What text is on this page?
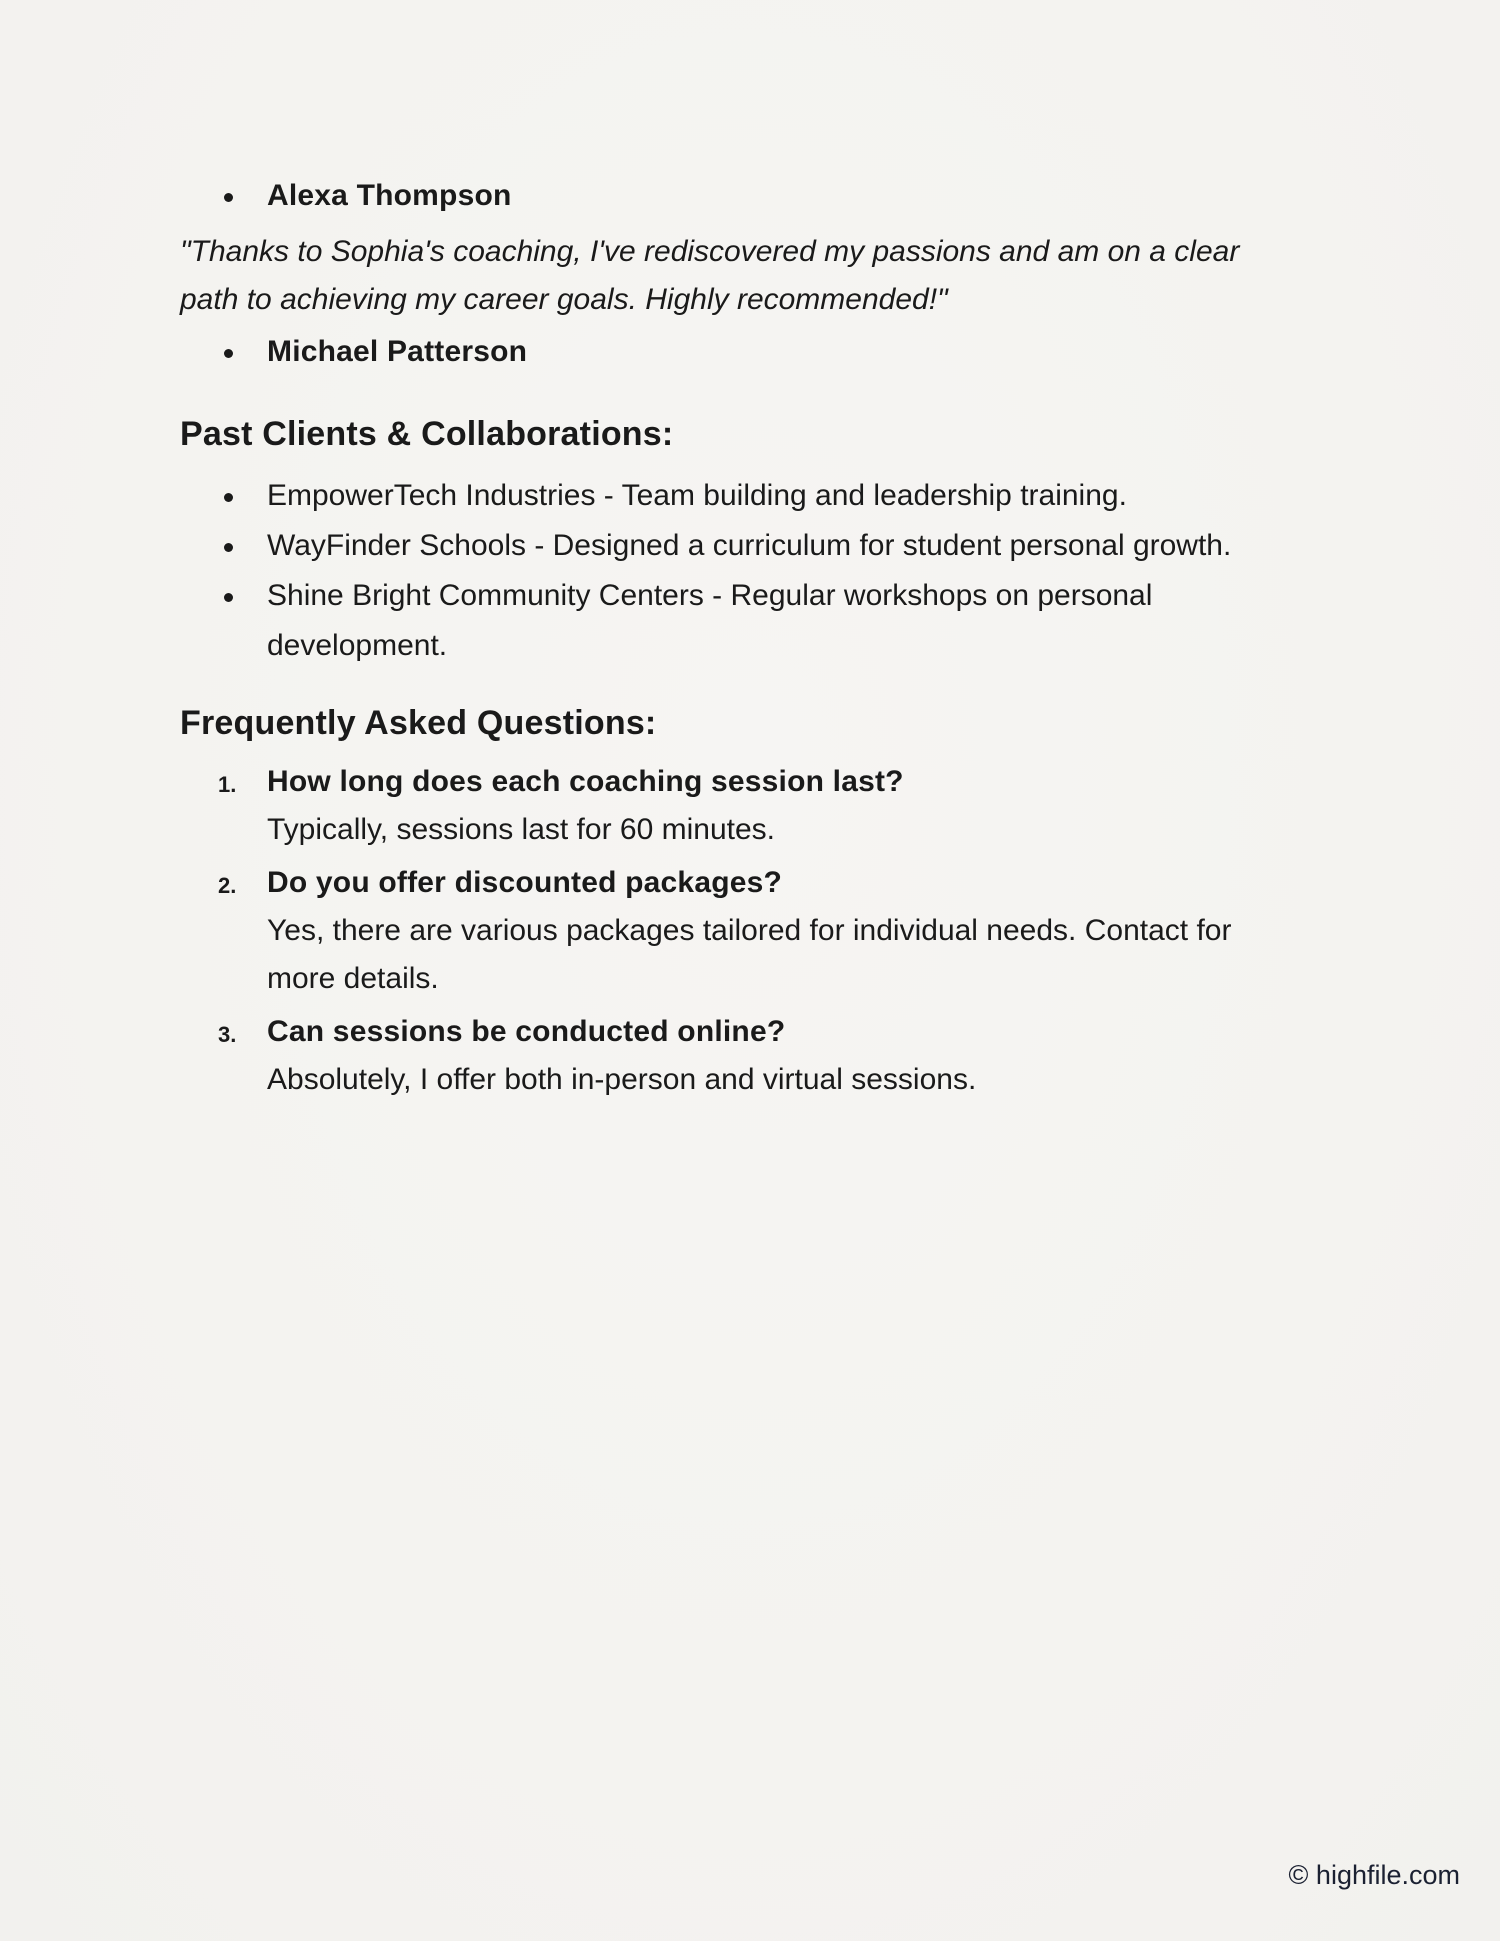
Alexa Thompson

"Thanks to Sophia's coaching, I've rediscovered my passions and am on a clear path to achieving my career goals. Highly recommended!"

Michael Patterson
Past Clients & Collaborations:
EmpowerTech Industries - Team building and leadership training.
WayFinder Schools - Designed a curriculum for student personal growth.
Shine Bright Community Centers - Regular workshops on personal development.
Frequently Asked Questions:
1. How long does each coaching session last?
Typically, sessions last for 60 minutes.
2. Do you offer discounted packages?
Yes, there are various packages tailored for individual needs. Contact for more details.
3. Can sessions be conducted online?
Absolutely, I offer both in-person and virtual sessions.
© highfile.com
